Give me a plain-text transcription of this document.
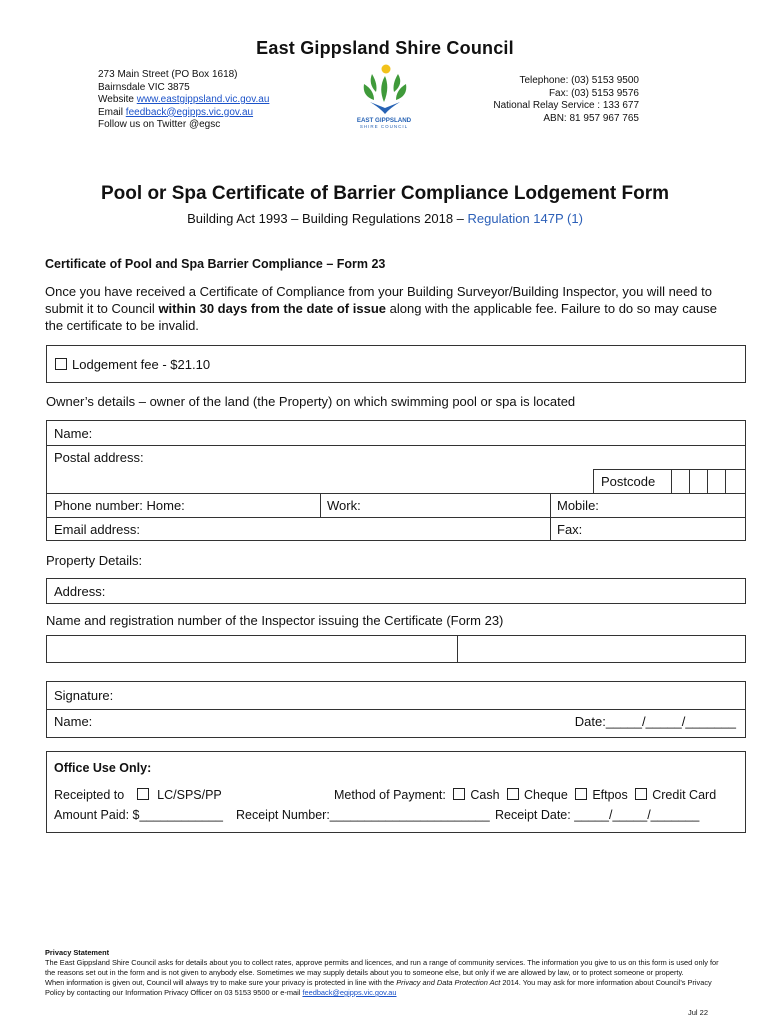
East Gippsland Shire Council
273 Main Street (PO Box 1618)
Bairnsdale VIC 3875
Website www.eastgippsland.vic.gov.au
Email feedback@egipps.vic.gov.au
Follow us on Twitter @egsc	EAST GIPPSLAND
SHIRE COUNCIL
Telephone: (03) 5153 9500
Fax: (03) 5153 9576
National Relay Service : 133 677
ABN: 81 957 967 765
Pool or Spa Certificate of Barrier Compliance Lodgement Form
Building Act 1993 – Building Regulations 2018 – Regulation 147P (1)
Certificate of Pool and Spa Barrier Compliance – Form 23
Once you have received a Certificate of Compliance from your Building Surveyor/Building Inspector, you will need to submit it to Council within 30 days from the date of issue along with the applicable fee. Failure to do so may cause the certificate to be invalid.
Lodgement fee - $21.10
Owner’s details – owner of the land (the Property) on which swimming pool or spa is located
Name:
Postal address:
Postcode
Phone number: Home:	Work:	Mobile:
Email address:	Fax:
Property Details:
Address:
Name and registration number of the Inspector issuing the Certificate (Form 23)
Signature:
Name:	Date:_____/_____/_______
Office Use Only:
Receipted to	LC/SPS/PP	Method of Payment: Cash Cheque Eftpos Credit Card
Amount Paid: $____________ Receipt Number:_______________________ Receipt Date: _____/_____/_______
Privacy Statement
The East Gippsland Shire Council asks for details about you to collect rates, approve permits and licences, and run a range of community services. The information you give to us on this form is used only for the reasons set out in the form and is not given to anybody else. Sometimes we may supply details about you to someone else, but only if we are allowed by law, or to protect someone or property.
When information is given out, Council will always try to make sure your privacy is protected in line with the Privacy and Data Protection Act 2014. You may ask for more information about Council’s Privacy Policy by contacting our Information Privacy Officer on 03 5153 9500 or e-mail feedback@egipps.vic.gov.au
Jul 22
